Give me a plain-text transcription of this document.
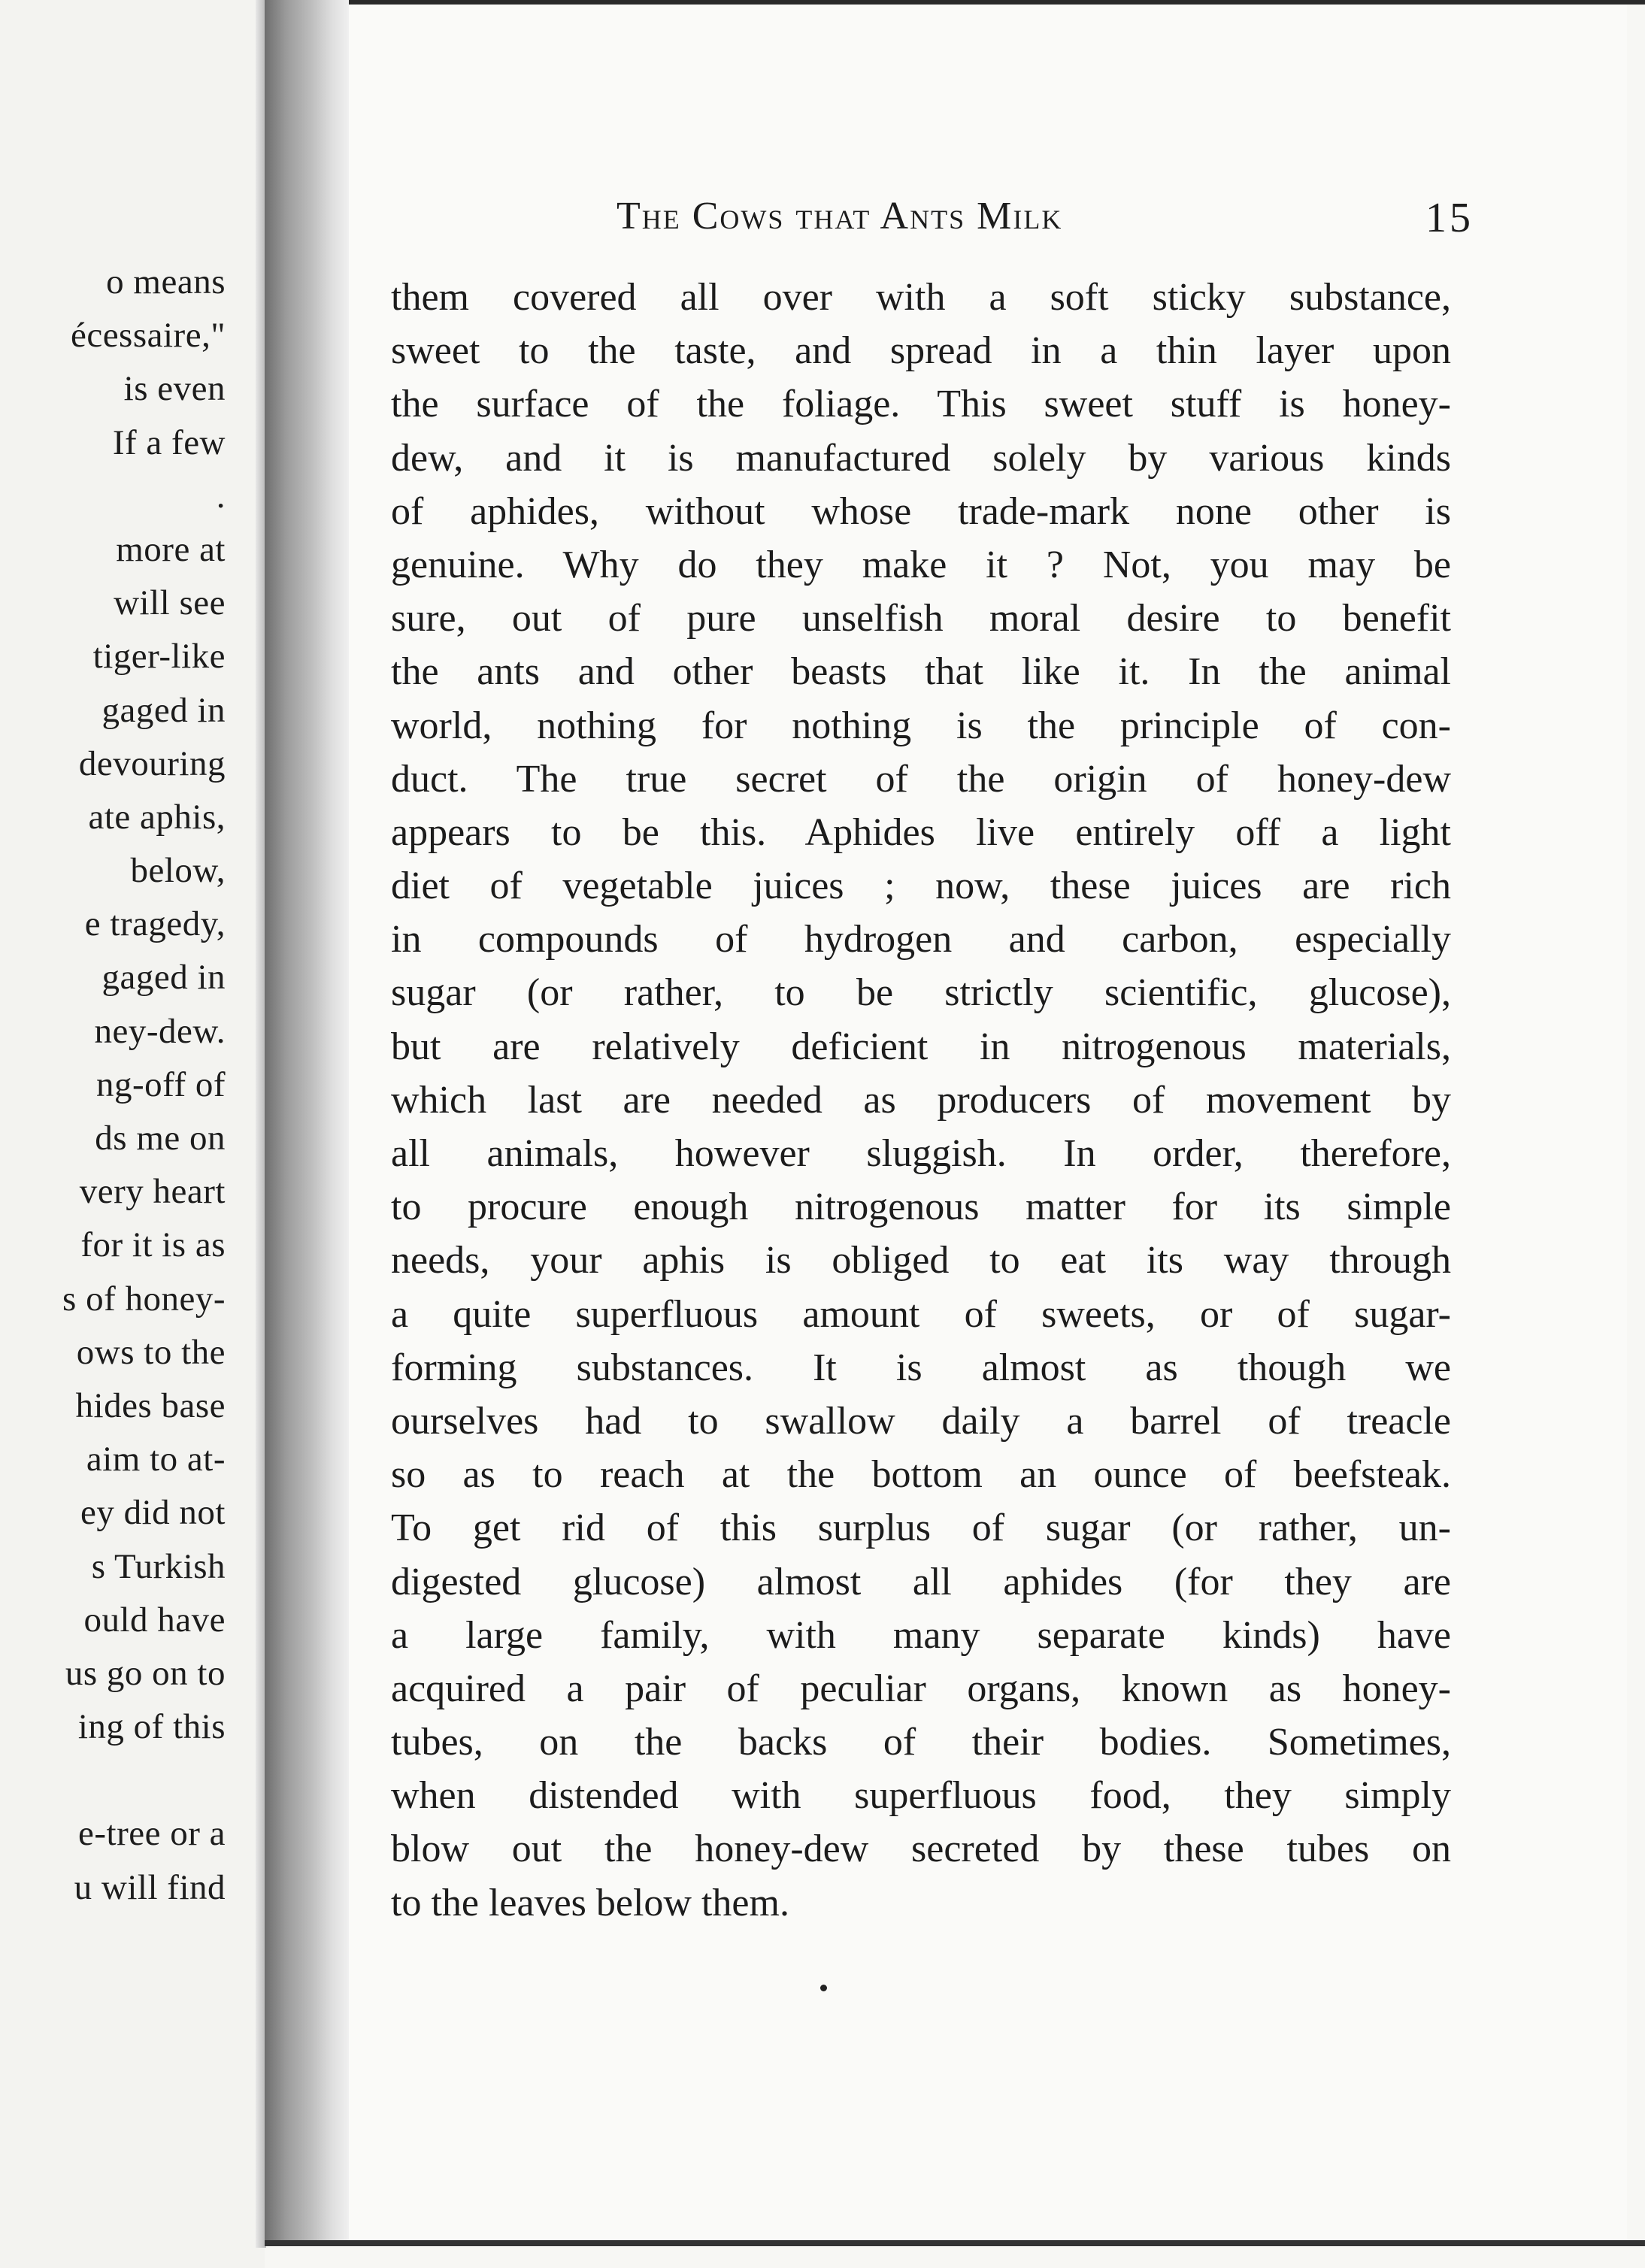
o means
écessaire,"
is even
If a few
.
more at
will see
tiger-like
gaged in
devouring
ate aphis,
below,
e tragedy,
gaged in
ney-dew.
ng-off of
ds me on
very heart
for it is as
s of honey-
ows to the
hides base
aim to at-
ey did not
s Turkish
ould have
us go on to
ing of this
e-tree or a
u will find
The Cows that Ants Milk	15
them covered all over with a soft sticky substance,
sweet to the taste, and spread in a thin layer upon
the surface of the foliage. This sweet stuff is honey-
dew, and it is manufactured solely by various kinds
of aphides, without whose trade-mark none other is
genuine. Why do they make it ? Not, you may be
sure, out of pure unselfish moral desire to benefit
the ants and other beasts that like it. In the animal
world, nothing for nothing is the principle of con-
duct. The true secret of the origin of honey-dew
appears to be this. Aphides live entirely off a light
diet of vegetable juices ; now, these juices are rich
in compounds of hydrogen and carbon, especially
sugar (or rather, to be strictly scientific, glucose),
but are relatively deficient in nitrogenous materials,
which last are needed as producers of movement by
all animals, however sluggish. In order, therefore,
to procure enough nitrogenous matter for its simple
needs, your aphis is obliged to eat its way through
a quite superfluous amount of sweets, or of sugar-
forming substances. It is almost as though we
ourselves had to swallow daily a barrel of treacle
so as to reach at the bottom an ounce of beefsteak.
To get rid of this surplus of sugar (or rather, un-
digested glucose) almost all aphides (for they are
a large family, with many separate kinds) have
acquired a pair of peculiar organs, known as honey-
tubes, on the backs of their bodies. Sometimes,
when distended with superfluous food, they simply
blow out the honey-dew secreted by these tubes on
to the leaves below them.
